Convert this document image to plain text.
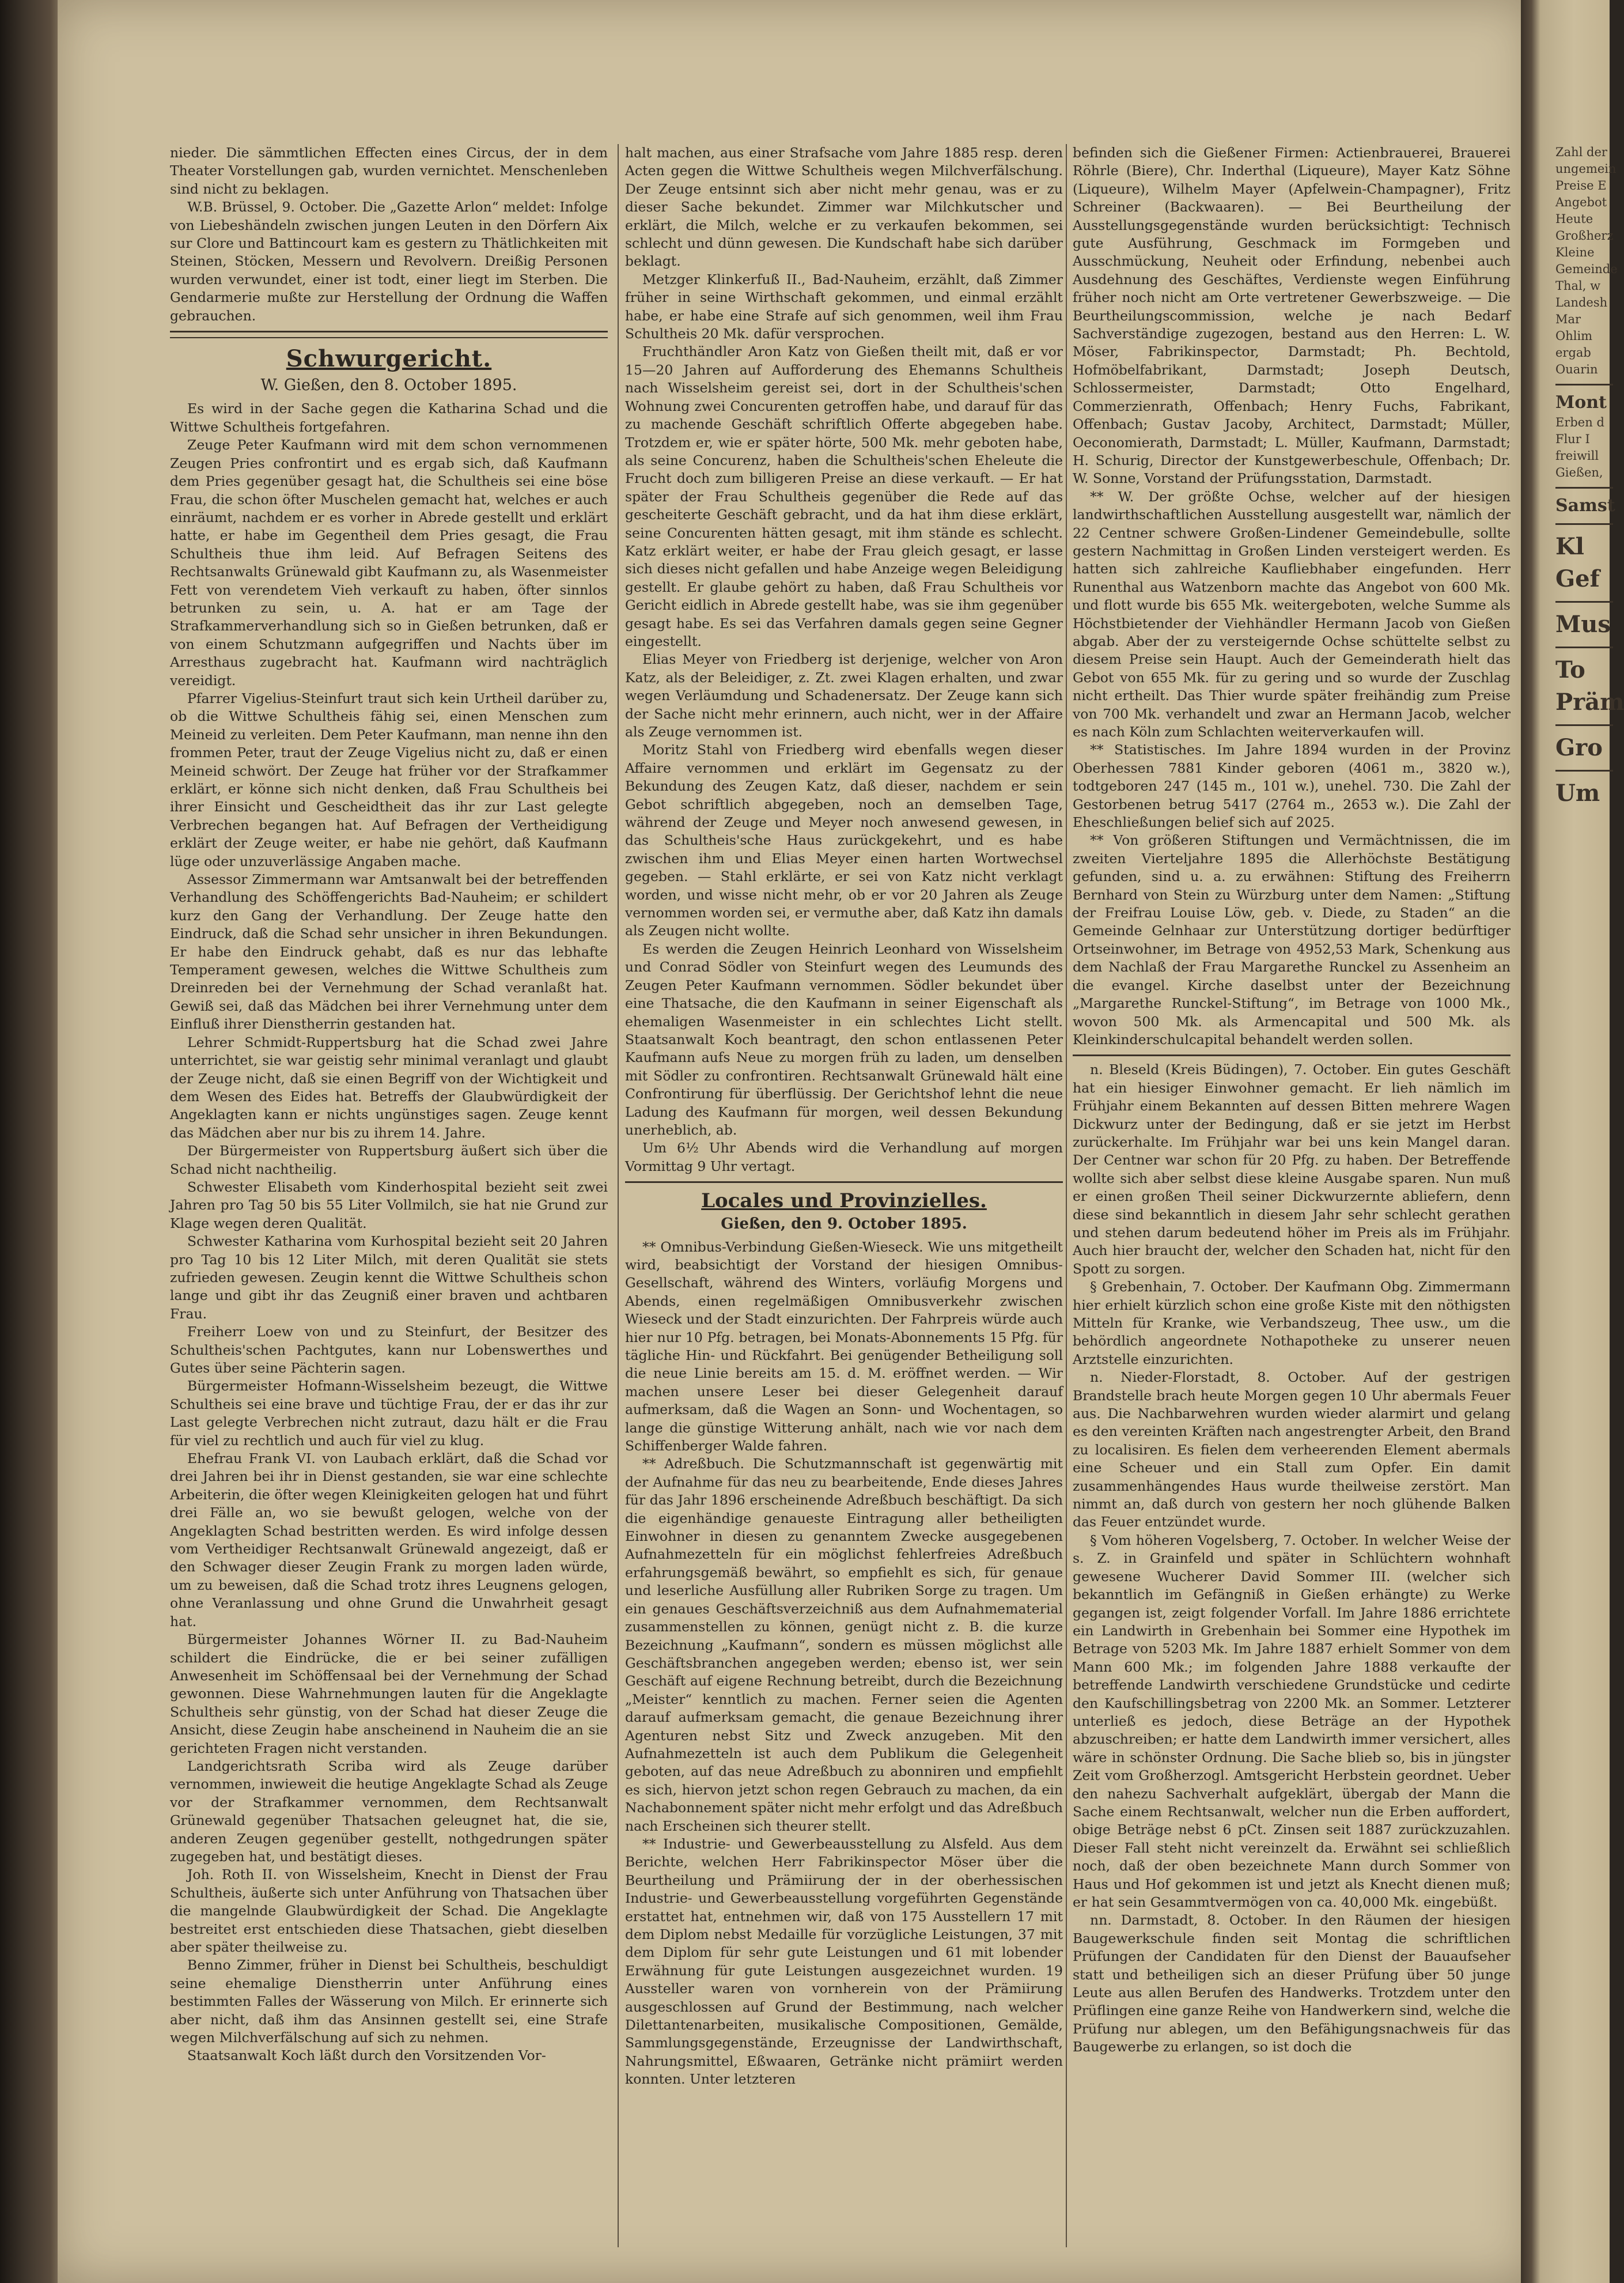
nieder. Die sämmtlichen Effecten eines Circus, der in dem Theater Vorstellungen gab, wurden vernichtet. Menschenleben sind nicht zu beklagen.

W.B. Brüssel, 9. October. Die „Gazette Arlon“ meldet: Infolge von Liebeshändeln zwischen jungen Leuten in den Dörfern Aix sur Clore und Battincourt kam es gestern zu Thätlichkeiten mit Steinen, Stöcken, Messern und Revolvern. Dreißig Personen wurden verwundet, einer ist todt, einer liegt im Sterben. Die Gendarmerie mußte zur Herstellung der Ordnung die Waffen gebrauchen.

Schwurgericht.
W. Gießen, den 8. October 1895.

Es wird in der Sache gegen die Katharina Schad und die Wittwe Schultheis fortgefahren.

Zeuge Peter Kaufmann wird mit dem schon vernommenen Zeugen Pries confrontirt und es ergab sich, daß Kaufmann dem Pries gegenüber gesagt hat, die Schultheis sei eine böse Frau, die schon öfter Muschelen gemacht hat, welches er auch einräumt, nachdem er es vorher in Abrede gestellt und erklärt hatte, er habe im Gegentheil dem Pries gesagt, die Frau Schultheis thue ihm leid. Auf Befragen Seitens des Rechtsanwalts Grünewald gibt Kaufmann zu, als Wasenmeister Fett von verendetem Vieh verkauft zu haben, öfter sinnlos betrunken zu sein, u. A. hat er am Tage der Strafkammerverhandlung sich so in Gießen betrunken, daß er von einem Schutzmann aufgegriffen und Nachts über im Arresthaus zugebracht hat. Kaufmann wird nachträglich vereidigt.

Pfarrer Vigelius-Steinfurt traut sich kein Urtheil darüber zu, ob die Wittwe Schultheis fähig sei, einen Menschen zum Meineid zu verleiten. Dem Peter Kaufmann, man nenne ihn den frommen Peter, traut der Zeuge Vigelius nicht zu, daß er einen Meineid schwört. Der Zeuge hat früher vor der Strafkammer erklärt, er könne sich nicht denken, daß Frau Schultheis bei ihrer Einsicht und Gescheidtheit das ihr zur Last gelegte Verbrechen begangen hat. Auf Befragen der Vertheidigung erklärt der Zeuge weiter, er habe nie gehört, daß Kaufmann lüge oder unzuverlässige Angaben mache.

Assessor Zimmermann war Amtsanwalt bei der betreffenden Verhandlung des Schöffengerichts Bad-Nauheim; er schildert kurz den Gang der Verhandlung. Der Zeuge hatte den Eindruck, daß die Schad sehr unsicher in ihren Bekundungen. Er habe den Eindruck gehabt, daß es nur das lebhafte Temperament gewesen, welches die Wittwe Schultheis zum Dreinreden bei der Vernehmung der Schad veranlaßt hat. Gewiß sei, daß das Mädchen bei ihrer Vernehmung unter dem Einfluß ihrer Dienstherrin gestanden hat.

Lehrer Schmidt-Ruppertsburg hat die Schad zwei Jahre unterrichtet, sie war geistig sehr minimal veranlagt und glaubt der Zeuge nicht, daß sie einen Begriff von der Wichtigkeit und dem Wesen des Eides hat. Betreffs der Glaubwürdigkeit der Angeklagten kann er nichts ungünstiges sagen. Zeuge kennt das Mädchen aber nur bis zu ihrem 14. Jahre.

Der Bürgermeister von Ruppertsburg äußert sich über die Schad nicht nachtheilig.

Schwester Elisabeth vom Kinderhospital bezieht seit zwei Jahren pro Tag 50 bis 55 Liter Vollmilch, sie hat nie Grund zur Klage wegen deren Qualität.

Schwester Katharina vom Kurhospital bezieht seit 20 Jahren pro Tag 10 bis 12 Liter Milch, mit deren Qualität sie stets zufrieden gewesen. Zeugin kennt die Wittwe Schultheis schon lange und gibt ihr das Zeugniß einer braven und achtbaren Frau.

Freiherr Loew von und zu Steinfurt, der Besitzer des Schultheis'schen Pachtgutes, kann nur Lobenswerthes und Gutes über seine Pächterin sagen.

Bürgermeister Hofmann-Wisselsheim bezeugt, die Wittwe Schultheis sei eine brave und tüchtige Frau, der er das ihr zur Last gelegte Verbrechen nicht zutraut, dazu hält er die Frau für viel zu rechtlich und auch für viel zu klug.

Ehefrau Frank VI. von Laubach erklärt, daß die Schad vor drei Jahren bei ihr in Dienst gestanden, sie war eine schlechte Arbeiterin, die öfter wegen Kleinigkeiten gelogen hat und führt drei Fälle an, wo sie bewußt gelogen, welche von der Angeklagten Schad bestritten werden. Es wird infolge dessen vom Vertheidiger Rechtsanwalt Grünewald angezeigt, daß er den Schwager dieser Zeugin Frank zu morgen laden würde, um zu beweisen, daß die Schad trotz ihres Leugnens gelogen, ohne Veranlassung und ohne Grund die Unwahrheit gesagt hat.

Bürgermeister Johannes Wörner II. zu Bad-Nauheim schildert die Eindrücke, die er bei seiner zufälligen Anwesenheit im Schöffensaal bei der Vernehmung der Schad gewonnen. Diese Wahrnehmungen lauten für die Angeklagte Schultheis sehr günstig, von der Schad hat dieser Zeuge die Ansicht, diese Zeugin habe anscheinend in Nauheim die an sie gerichteten Fragen nicht verstanden.

Landgerichtsrath Scriba wird als Zeuge darüber vernommen, inwieweit die heutige Angeklagte Schad als Zeuge vor der Strafkammer vernommen, dem Rechtsanwalt Grünewald gegenüber Thatsachen geleugnet hat, die sie, anderen Zeugen gegenüber gestellt, nothgedrungen später zugegeben hat, und bestätigt dieses.

Joh. Roth II. von Wisselsheim, Knecht in Dienst der Frau Schultheis, äußerte sich unter Anführung von Thatsachen über die mangelnde Glaubwürdigkeit der Schad. Die Angeklagte bestreitet erst entschieden diese Thatsachen, giebt dieselben aber später theilweise zu.

Benno Zimmer, früher in Dienst bei Schultheis, beschuldigt seine ehemalige Dienstherrin unter Anführung eines bestimmten Falles der Wässerung von Milch. Er erinnerte sich aber nicht, daß ihm das Ansinnen gestellt sei, eine Strafe wegen Milchverfälschung auf sich zu nehmen.

Staatsanwalt Koch läßt durch den Vorsitzenden Vor-

halt machen, aus einer Strafsache vom Jahre 1885 resp. deren Acten gegen die Wittwe Schultheis wegen Milchverfälschung. Der Zeuge entsinnt sich aber nicht mehr genau, was er zu dieser Sache bekundet. Zimmer war Milchkutscher und erklärt, die Milch, welche er zu verkaufen bekommen, sei schlecht und dünn gewesen. Die Kundschaft habe sich darüber beklagt.

Metzger Klinkerfuß II., Bad-Nauheim, erzählt, daß Zimmer früher in seine Wirthschaft gekommen, und einmal erzählt habe, er habe eine Strafe auf sich genommen, weil ihm Frau Schultheis 20 Mk. dafür versprochen.

Fruchthändler Aron Katz von Gießen theilt mit, daß er vor 15—20 Jahren auf Aufforderung des Ehemanns Schultheis nach Wisselsheim gereist sei, dort in der Schultheis'schen Wohnung zwei Concurenten getroffen habe, und darauf für das zu machende Geschäft schriftlich Offerte abgegeben habe. Trotzdem er, wie er später hörte, 500 Mk. mehr geboten habe, als seine Concurenz, haben die Schultheis'schen Eheleute die Frucht doch zum billigeren Preise an diese verkauft. — Er hat später der Frau Schultheis gegenüber die Rede auf das gescheiterte Geschäft gebracht, und da hat ihm diese erklärt, seine Concurenten hätten gesagt, mit ihm stände es schlecht. Katz erklärt weiter, er habe der Frau gleich gesagt, er lasse sich dieses nicht gefallen und habe Anzeige wegen Beleidigung gestellt. Er glaube gehört zu haben, daß Frau Schultheis vor Gericht eidlich in Abrede gestellt habe, was sie ihm gegenüber gesagt habe. Es sei das Verfahren damals gegen seine Gegner eingestellt.

Elias Meyer von Friedberg ist derjenige, welcher von Aron Katz, als der Beleidiger, z. Zt. zwei Klagen erhalten, und zwar wegen Verläumdung und Schadenersatz. Der Zeuge kann sich der Sache nicht mehr erinnern, auch nicht, wer in der Affaire als Zeuge vernommen ist.

Moritz Stahl von Friedberg wird ebenfalls wegen dieser Affaire vernommen und erklärt im Gegensatz zu der Bekundung des Zeugen Katz, daß dieser, nachdem er sein Gebot schriftlich abgegeben, noch an demselben Tage, während der Zeuge und Meyer noch anwesend gewesen, in das Schultheis'sche Haus zurückgekehrt, und es habe zwischen ihm und Elias Meyer einen harten Wortwechsel gegeben. — Stahl erklärte, er sei von Katz nicht verklagt worden, und wisse nicht mehr, ob er vor 20 Jahren als Zeuge vernommen worden sei, er vermuthe aber, daß Katz ihn damals als Zeugen nicht wollte.

Es werden die Zeugen Heinrich Leonhard von Wisselsheim und Conrad Södler von Steinfurt wegen des Leumunds des Zeugen Peter Kaufmann vernommen. Södler bekundet über eine Thatsache, die den Kaufmann in seiner Eigenschaft als ehemaligen Wasenmeister in ein schlechtes Licht stellt. Staatsanwalt Koch beantragt, den schon entlassenen Peter Kaufmann aufs Neue zu morgen früh zu laden, um denselben mit Södler zu confrontiren. Rechtsanwalt Grünewald hält eine Confrontirung für überflüssig. Der Gerichtshof lehnt die neue Ladung des Kaufmann für morgen, weil dessen Bekundung unerheblich, ab.

Um 6½ Uhr Abends wird die Verhandlung auf morgen Vormittag 9 Uhr vertagt.

Locales und Provinzielles.
Gießen, den 9. October 1895.

** Omnibus-Verbindung Gießen-Wieseck. Wie uns mitgetheilt wird, beabsichtigt der Vorstand der hiesigen Omnibus-Gesellschaft, während des Winters, vorläufig Morgens und Abends, einen regelmäßigen Omnibusverkehr zwischen Wieseck und der Stadt einzurichten. Der Fahrpreis würde auch hier nur 10 Pfg. betragen, bei Monats-Abonnements 15 Pfg. für tägliche Hin- und Rückfahrt. Bei genügender Betheiligung soll die neue Linie bereits am 15. d. M. eröffnet werden. — Wir machen unsere Leser bei dieser Gelegenheit darauf aufmerksam, daß die Wagen an Sonn- und Wochentagen, so lange die günstige Witterung anhält, nach wie vor nach dem Schiffenberger Walde fahren.

** Adreßbuch. Die Schutzmannschaft ist gegenwärtig mit der Aufnahme für das neu zu bearbeitende, Ende dieses Jahres für das Jahr 1896 erscheinende Adreßbuch beschäftigt. Da sich die eigenhändige genaueste Eintragung aller betheiligten Einwohner in diesen zu genanntem Zwecke ausgegebenen Aufnahmezetteln für ein möglichst fehlerfreies Adreßbuch erfahrungsgemäß bewährt, so empfiehlt es sich, für genaue und leserliche Ausfüllung aller Rubriken Sorge zu tragen. Um ein genaues Geschäftsverzeichniß aus dem Aufnahmematerial zusammenstellen zu können, genügt nicht z. B. die kurze Bezeichnung „Kaufmann“, sondern es müssen möglichst alle Geschäftsbranchen angegeben werden; ebenso ist, wer sein Geschäft auf eigene Rechnung betreibt, durch die Bezeichnung „Meister“ kenntlich zu machen. Ferner seien die Agenten darauf aufmerksam gemacht, die genaue Bezeichnung ihrer Agenturen nebst Sitz und Zweck anzugeben. Mit den Aufnahmezetteln ist auch dem Publikum die Gelegenheit geboten, auf das neue Adreßbuch zu abonniren und empfiehlt es sich, hiervon jetzt schon regen Gebrauch zu machen, da ein Nachabonnement später nicht mehr erfolgt und das Adreßbuch nach Erscheinen sich theurer stellt.

** Industrie- und Gewerbeausstellung zu Alsfeld. Aus dem Berichte, welchen Herr Fabrikinspector Möser über die Beurtheilung und Prämiirung der in der oberhessischen Industrie- und Gewerbeausstellung vorgeführten Gegenstände erstattet hat, entnehmen wir, daß von 175 Ausstellern 17 mit dem Diplom nebst Medaille für vorzügliche Leistungen, 37 mit dem Diplom für sehr gute Leistungen und 61 mit lobender Erwähnung für gute Leistungen ausgezeichnet wurden. 19 Aussteller waren von vornherein von der Prämiirung ausgeschlossen auf Grund der Bestimmung, nach welcher Dilettantenarbeiten, musikalische Compositionen, Gemälde, Sammlungsgegenstände, Erzeugnisse der Landwirthschaft, Nahrungsmittel, Eßwaaren, Getränke nicht prämiirt werden konnten. Unter letzteren

befinden sich die Gießener Firmen: Actienbrauerei, Brauerei Röhrle (Biere), Chr. Inderthal (Liqueure), Mayer Katz Söhne (Liqueure), Wilhelm Mayer (Apfelwein-Champagner), Fritz Schreiner (Backwaaren). — Bei Beurtheilung der Ausstellungsgegenstände wurden berücksichtigt: Technisch gute Ausführung, Geschmack im Formgeben und Ausschmückung, Neuheit oder Erfindung, nebenbei auch Ausdehnung des Geschäftes, Verdienste wegen Einführung früher noch nicht am Orte vertretener Gewerbszweige. — Die Beurtheilungscommission, welche je nach Bedarf Sachverständige zugezogen, bestand aus den Herren: L. W. Möser, Fabrikinspector, Darmstadt; Ph. Bechtold, Hofmöbelfabrikant, Darmstadt; Joseph Deutsch, Schlossermeister, Darmstadt; Otto Engelhard, Commerzienrath, Offenbach; Henry Fuchs, Fabrikant, Offenbach; Gustav Jacoby, Architect, Darmstadt; Müller, Oeconomierath, Darmstadt; L. Müller, Kaufmann, Darmstadt; H. Schurig, Director der Kunstgewerbeschule, Offenbach; Dr. W. Sonne, Vorstand der Prüfungsstation, Darmstadt.

** W. Der größte Ochse, welcher auf der hiesigen landwirthschaftlichen Ausstellung ausgestellt war, nämlich der 22 Centner schwere Großen-Lindener Gemeindebulle, sollte gestern Nachmittag in Großen Linden versteigert werden. Es hatten sich zahlreiche Kaufliebhaber eingefunden. Herr Runenthal aus Watzenborn machte das Angebot von 600 Mk. und flott wurde bis 655 Mk. weitergeboten, welche Summe als Höchstbietender der Viehhändler Hermann Jacob von Gießen abgab. Aber der zu versteigernde Ochse schüttelte selbst zu diesem Preise sein Haupt. Auch der Gemeinderath hielt das Gebot von 655 Mk. für zu gering und so wurde der Zuschlag nicht ertheilt. Das Thier wurde später freihändig zum Preise von 700 Mk. verhandelt und zwar an Hermann Jacob, welcher es nach Köln zum Schlachten weiterverkaufen will.

** Statistisches. Im Jahre 1894 wurden in der Provinz Oberhessen 7881 Kinder geboren (4061 m., 3820 w.), todtgeboren 247 (145 m., 101 w.), unehel. 730. Die Zahl der Gestorbenen betrug 5417 (2764 m., 2653 w.). Die Zahl der Eheschließungen belief sich auf 2025.

** Von größeren Stiftungen und Vermächtnissen, die im zweiten Vierteljahre 1895 die Allerhöchste Bestätigung gefunden, sind u. a. zu erwähnen: Stiftung des Freiherrn Bernhard von Stein zu Würzburg unter dem Namen: „Stiftung der Freifrau Louise Löw, geb. v. Diede, zu Staden“ an die Gemeinde Gelnhaar zur Unterstützung dortiger bedürftiger Ortseinwohner, im Betrage von 4952,53 Mark, Schenkung aus dem Nachlaß der Frau Margarethe Runckel zu Assenheim an die evangel. Kirche daselbst unter der Bezeichnung „Margarethe Runckel-Stiftung“, im Betrage von 1000 Mk., wovon 500 Mk. als Armencapital und 500 Mk. als Kleinkinderschulcapital behandelt werden sollen.

n. Bleseld (Kreis Büdingen), 7. October. Ein gutes Geschäft hat ein hiesiger Einwohner gemacht. Er lieh nämlich im Frühjahr einem Bekannten auf dessen Bitten mehrere Wagen Dickwurz unter der Bedingung, daß er sie jetzt im Herbst zurückerhalte. Im Frühjahr war bei uns kein Mangel daran. Der Centner war schon für 20 Pfg. zu haben. Der Betreffende wollte sich aber selbst diese kleine Ausgabe sparen. Nun muß er einen großen Theil seiner Dickwurzernte abliefern, denn diese sind bekanntlich in diesem Jahr sehr schlecht gerathen und stehen darum bedeutend höher im Preis als im Frühjahr. Auch hier braucht der, welcher den Schaden hat, nicht für den Spott zu sorgen.

§ Grebenhain, 7. October. Der Kaufmann Obg. Zimmermann hier erhielt kürzlich schon eine große Kiste mit den nöthigsten Mitteln für Kranke, wie Verbandszeug, Thee usw., um die behördlich angeordnete Nothapotheke zu unserer neuen Arztstelle einzurichten.

n. Nieder-Florstadt, 8. October. Auf der gestrigen Brandstelle brach heute Morgen gegen 10 Uhr abermals Feuer aus. Die Nachbarwehren wurden wieder alarmirt und gelang es den vereinten Kräften nach angestrengter Arbeit, den Brand zu localisiren. Es fielen dem verheerenden Element abermals eine Scheuer und ein Stall zum Opfer. Ein damit zusammenhängendes Haus wurde theilweise zerstört. Man nimmt an, daß durch von gestern her noch glühende Balken das Feuer entzündet wurde.

§ Vom höheren Vogelsberg, 7. October. In welcher Weise der s. Z. in Grainfeld und später in Schlüchtern wohnhaft gewesene Wucherer David Sommer III. (welcher sich bekanntlich im Gefängniß in Gießen erhängte) zu Werke gegangen ist, zeigt folgender Vorfall. Im Jahre 1886 errichtete ein Landwirth in Grebenhain bei Sommer eine Hypothek im Betrage von 5203 Mk. Im Jahre 1887 erhielt Sommer von dem Mann 600 Mk.; im folgenden Jahre 1888 verkaufte der betreffende Landwirth verschiedene Grundstücke und cedirte den Kaufschillingsbetrag von 2200 Mk. an Sommer. Letzterer unterließ es jedoch, diese Beträge an der Hypothek abzuschreiben; er hatte dem Landwirth immer versichert, alles wäre in schönster Ordnung. Die Sache blieb so, bis in jüngster Zeit vom Großherzogl. Amtsgericht Herbstein geordnet. Ueber den nahezu Sachverhalt aufgeklärt, übergab der Mann die Sache einem Rechtsanwalt, welcher nun die Erben auffordert, obige Beträge nebst 6 pCt. Zinsen seit 1887 zurückzuzahlen. Dieser Fall steht nicht vereinzelt da. Erwähnt sei schließlich noch, daß der oben bezeichnete Mann durch Sommer von Haus und Hof gekommen ist und jetzt als Knecht dienen muß; er hat sein Gesammtvermögen von ca. 40,000 Mk. eingebüßt.

nn. Darmstadt, 8. October. In den Räumen der hiesigen Baugewerkschule finden seit Montag die schriftlichen Prüfungen der Candidaten für den Dienst der Bauaufseher statt und betheiligen sich an dieser Prüfung über 50 junge Leute aus allen Berufen des Handwerks. Trotzdem unter den Prüflingen eine ganze Reihe von Handwerkern sind, welche die Prüfung nur ablegen, um den Befähigungsnachweis für das Baugewerbe zu erlangen, so ist doch die

Zahl der
ungemein
Preise E
Angebot
Heute
Großherz
Kleine
Gemeinde
Thal, w
Landesh
Mar
Ohlim
ergab
Ouarin
Mont
Erben d
Flur I
freiwill
Gießen,
Samst
Kl
Gef
Mus
To
Präm
Gro
Um
